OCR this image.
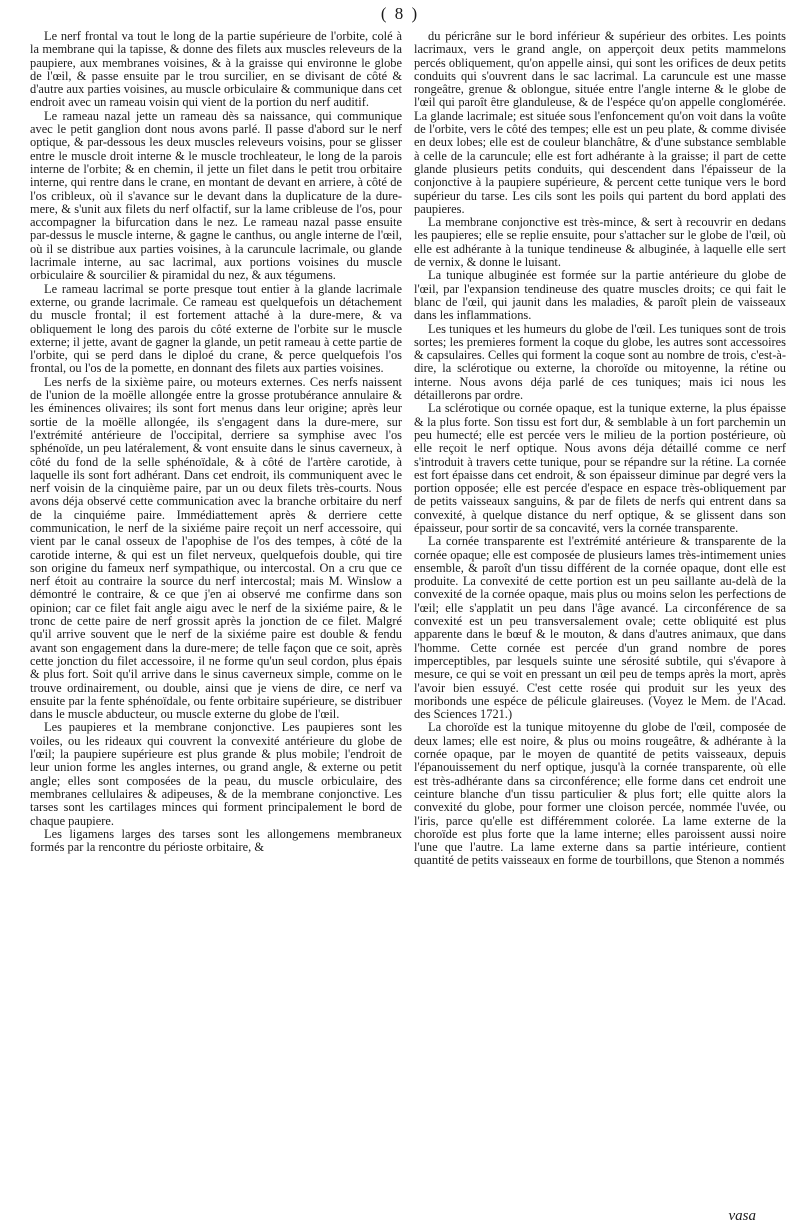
( 8 )

Le nerf frontal va tout le long de la partie supérieure de l'orbite, colé à la membrane qui la tapisse, & donne des filets aux muscles releveurs de la paupiere, aux membranes voisines, & à la graisse qui environne le globe de l'œil, & passe ensuite par le trou surcilier, en se divisant de côté & d'autre aux parties voisines, au muscle orbiculaire & communique dans cet endroit avec un rameau voisin qui vient de la portion du nerf auditif.

Le rameau nazal jette un rameau dès sa naissance, qui communique avec le petit ganglion dont nous avons parlé. Il passe d'abord sur le nerf optique, & par-dessous les deux muscles releveurs voisins, pour se glisser entre le muscle droit interne & le muscle trochleateur, le long de la parois interne de l'orbite; & en chemin, il jette un filet dans le petit trou orbitaire interne, qui rentre dans le crane, en montant de devant en arriere, à côté de l'os cribleux, où il s'avance sur le devant dans la duplicature de la dure-mere, & s'unit aux filets du nerf olfactif, sur la lame cribleuse de l'os, pour accompagner la bifurcation dans le nez. Le rameau nazal passe ensuite par-dessus le muscle interne, & gagne le canthus, ou angle interne de l'œil, où il se distribue aux parties voisines, à la caruncule lacrimale, ou glande lacrimale interne, au sac lacrimal, aux portions voisines du muscle orbiculaire & sourcilier & piramidal du nez, & aux tégumens.

Le rameau lacrimal se porte presque tout entier à la glande lacrimale externe, ou grande lacrimale. Ce rameau est quelquefois un détachement du muscle frontal; il est fortement attaché à la dure-mere, & va obliquement le long des parois du côté externe de l'orbite sur le muscle externe; il jette, avant de gagner la glande, un petit rameau à cette partie de l'orbite, qui se perd dans le diploé du crane, & perce quelquefois l'os frontal, ou l'os de la pomette, en donnant des filets aux parties voisines.

Les nerfs de la sixième paire, ou moteurs externes. Ces nerfs naissent de l'union de la moëlle allongée entre la grosse protubérance annulaire & les éminences olivaires; ils sont fort menus dans leur origine; après leur sortie de la moëlle allongée, ils s'engagent dans la dure-mere, sur l'extrémité antérieure de l'occipital, derriere sa symphise avec l'os sphénoïde, un peu latéralement, & vont ensuite dans le sinus caverneux, à côté du fond de la selle sphénoïdale, & à côté de l'artère carotide, à laquelle ils sont fort adhérant. Dans cet endroit, ils communiquent avec le nerf voisin de la cinquième paire, par un ou deux filets très-courts. Nous avons déja observé cette communication avec la branche orbitaire du nerf de la cinquiéme paire. Immédiattement après & derriere cette communication, le nerf de la sixiéme paire reçoit un nerf accessoire, qui vient par le canal osseux de l'apophise de l'os des tempes, à côté de la carotide interne, & qui est un filet nerveux, quelquefois double, qui tire son origine du fameux nerf sympathique, ou intercostal. On a cru que ce nerf étoit au contraire la source du nerf intercostal; mais M. Winslow a démontré le contraire, & ce que j'en ai observé me confirme dans son opinion; car ce filet fait angle aigu avec le nerf de la sixiéme paire, & le tronc de cette paire de nerf grossit après la jonction de ce filet. Malgré qu'il arrive souvent que le nerf de la sixiéme paire est double & fendu avant son engagement dans la dure-mere; de telle façon que ce soit, après cette jonction du filet accessoire, il ne forme qu'un seul cordon, plus épais & plus fort. Soit qu'il arrive dans le sinus caverneux simple, comme on le trouve ordinairement, ou double, ainsi que je viens de dire, ce nerf va ensuite par la fente sphénoïdale, ou fente orbitaire supérieure, se distribuer dans le muscle abducteur, ou muscle externe du globe de l'œil.

Les paupieres et la membrane conjonctive. Les paupieres sont les voiles, ou les rideaux qui couvrent la convexité antérieure du globe de l'œil; la paupiere supérieure est plus grande & plus mobile; l'endroit de leur union forme les angles internes, ou grand angle, & externe ou petit angle; elles sont composées de la peau, du muscle orbiculaire, des membranes cellulaires & adipeuses, & de la membrane conjonctive. Les tarses sont les cartilages minces qui forment principalement le bord de chaque paupiere.

Les ligamens larges des tarses sont les allongemens membraneux formés par la rencontre du périoste orbitaire, &

du péricrâne sur le bord inférieur & supérieur des orbites. Les points lacrimaux, vers le grand angle, on apperçoit deux petits mammelons percés obliquement, qu'on appelle ainsi, qui sont les orifices de deux petits conduits qui s'ouvrent dans le sac lacrimal. La caruncule est une masse rongeâtre, grenue & oblongue, située entre l'angle interne & le globe de l'œil qui paroît être glanduleuse, & de l'espéce qu'on appelle conglomérée. La glande lacrimale; est située sous l'enfoncement qu'on voit dans la voûte de l'orbite, vers le côté des tempes; elle est un peu plate, & comme divisée en deux lobes; elle est de couleur blanchâtre, & d'une substance semblable à celle de la caruncule; elle est fort adhérante à la graisse; il part de cette glande plusieurs petits conduits, qui descendent dans l'épaisseur de la conjonctive à la paupiere supérieure, & percent cette tunique vers le bord supérieur du tarse. Les cils sont les poils qui partent du bord applati des paupieres.

La membrane conjonctive est très-mince, & sert à recouvrir en dedans les paupieres; elle se replie ensuite, pour s'attacher sur le globe de l'œil, où elle est adhérante à la tunique tendineuse & albuginée, à laquelle elle sert de vernix, & donne le luisant.

La tunique albuginée est formée sur la partie antérieure du globe de l'œil, par l'expansion tendineuse des quatre muscles droits; ce qui fait le blanc de l'œil, qui jaunit dans les maladies, & paroît plein de vaisseaux dans les inflammations.

Les tuniques et les humeurs du globe de l'œil. Les tuniques sont de trois sortes; les premieres forment la coque du globe, les autres sont accessoires & capsulaires. Celles qui forment la coque sont au nombre de trois, c'est-à-dire, la sclérotique ou externe, la choroïde ou mitoyenne, la rétine ou interne. Nous avons déja parlé de ces tuniques; mais ici nous les détaillerons par ordre.

La sclérotique ou cornée opaque, est la tunique externe, la plus épaisse & la plus forte. Son tissu est fort dur, & semblable à un fort parchemin un peu humecté; elle est percée vers le milieu de la portion postérieure, où elle reçoit le nerf optique. Nous avons déja détaillé comme ce nerf s'introduit à travers cette tunique, pour se répandre sur la rétine. La cornée est fort épaisse dans cet endroit, & son épaisseur diminue par degré vers la portion opposée; elle est percée d'espace en espace très-obliquement par de petits vaisseaux sanguins, & par de filets de nerfs qui entrent dans sa convexité, à quelque distance du nerf optique, & se glissent dans son épaisseur, pour sortir de sa concavité, vers la cornée transparente.

La cornée transparente est l'extrémité antérieure & transparente de la cornée opaque; elle est composée de plusieurs lames très-intimement unies ensemble, & paroît d'un tissu différent de la cornée opaque, dont elle est produite. La convexité de cette portion est un peu saillante au-delà de la convexité de la cornée opaque, mais plus ou moins selon les perfections de l'œil; elle s'applatit un peu dans l'âge avancé. La circonférence de sa convexité est un peu transversalement ovale; cette obliquité est plus apparente dans le bœuf & le mouton, & dans d'autres animaux, que dans l'homme. Cette cornée est percée d'un grand nombre de pores imperceptibles, par lesquels suinte une sérosité subtile, qui s'évapore à mesure, ce qui se voit en pressant un œil peu de temps après la mort, après l'avoir bien essuyé. C'est cette rosée qui produit sur les yeux des moribonds une espéce de pélicule glaireuses. (Voyez le Mem. de l'Acad. des Sciences 1721.)

La choroïde est la tunique mitoyenne du globe de l'œil, composée de deux lames; elle est noire, & plus ou moins rougeâtre, & adhérante à la cornée opaque, par le moyen de quantité de petits vaisseaux, depuis l'épanouissement du nerf optique, jusqu'à la cornée transparente, où elle est très-adhérante dans sa circonférence; elle forme dans cet endroit une ceinture blanche d'un tissu particulier & plus fort; elle quitte alors la convexité du globe, pour former une cloison percée, nommée l'uvée, ou l'iris, parce qu'elle est différemment colorée. La lame externe de la choroïde est plus forte que la lame interne; elles paroissent aussi noire l'une que l'autre. La lame externe dans sa partie intérieure, contient quantité de petits vaisseaux en forme de tourbillons, que Stenon a nommés

vasa
